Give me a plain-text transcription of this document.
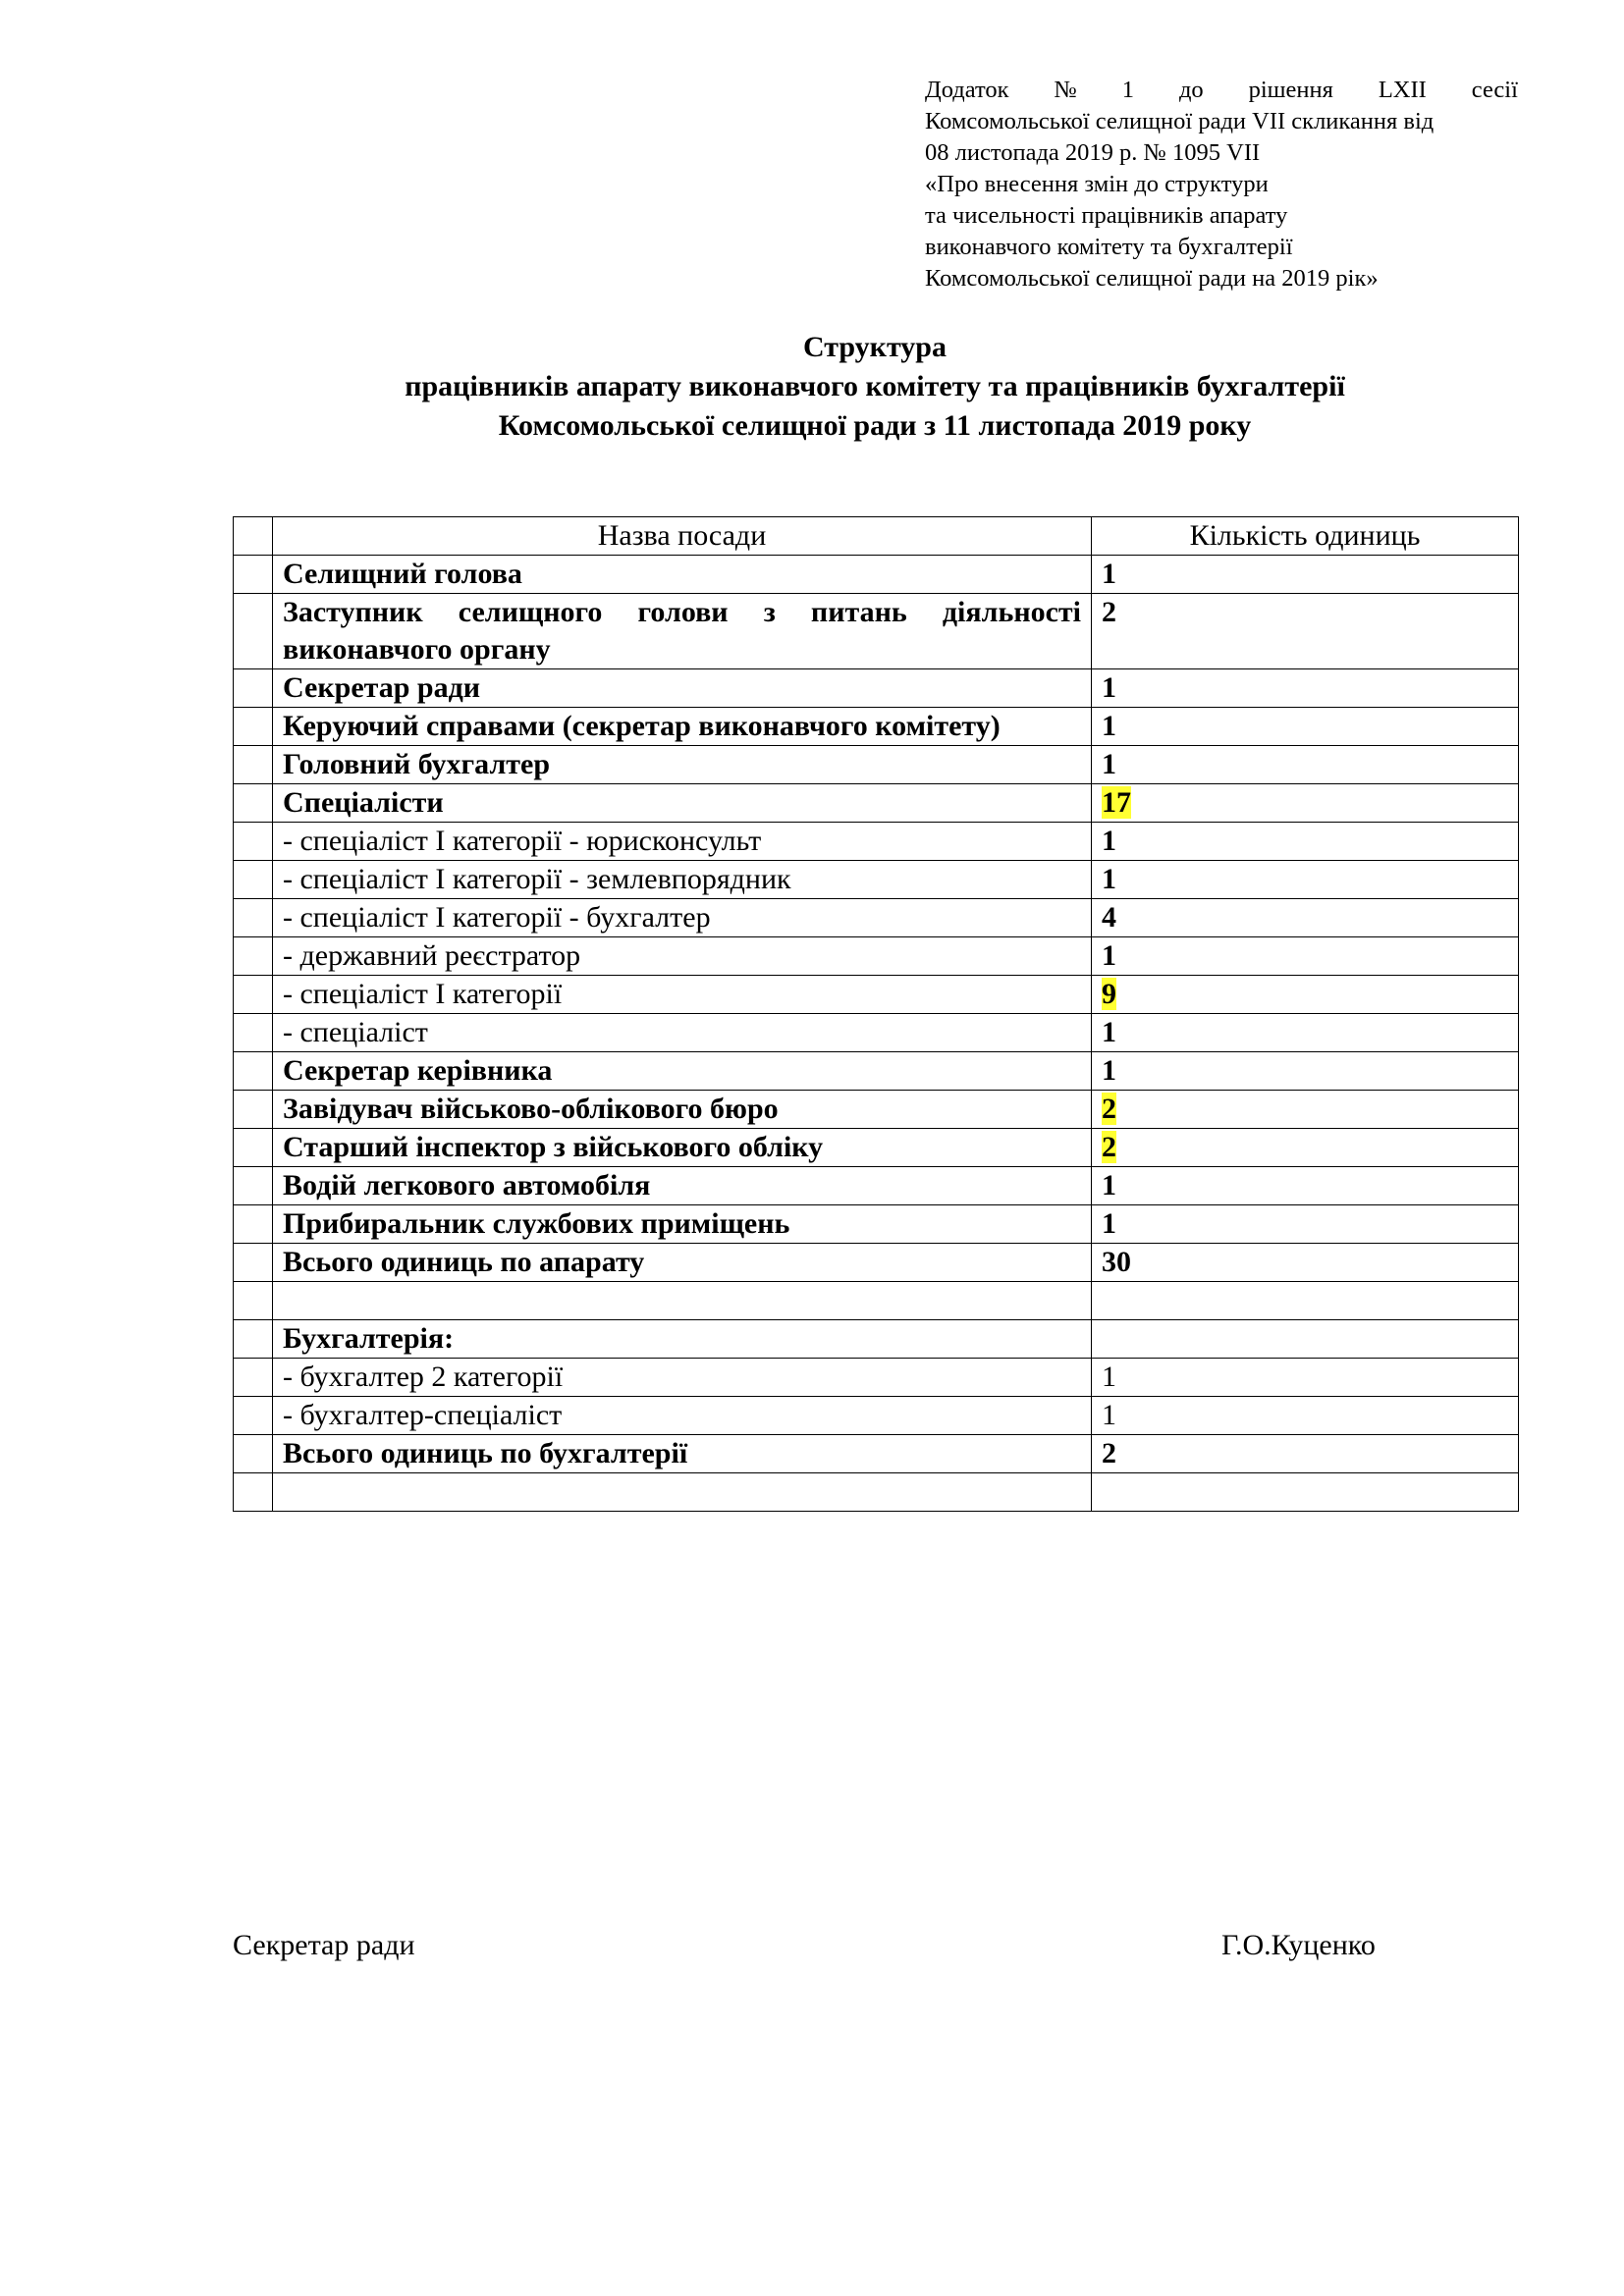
Додаток № 1 до рішення LXII сесії
Комсомольської селищної ради VII скликання від
08 листопада 2019 р. № 1095 VII
«Про внесення змін до структури
та чисельності працівників апарату
виконавчого комітету та бухгалтерії
Комсомольської селищної ради на 2019 рік»
Структура
працівників апарату виконавчого комітету та працівників бухгалтерії
Комсомольської селищної ради з 11 листопада 2019 року
	Назва посади	Кількість одиниць
	Селищний голова	1
	Заступник селищного голови з питань діяльності виконавчого органу	2
	Секретар ради	1
	Керуючий справами (секретар виконавчого комітету)	1
	Головний бухгалтер	1
	Спеціалісти	17
	- спеціаліст І категорії - юрисконсульт	1
	- спеціаліст І категорії - землевпорядник	1
	- спеціаліст І категорії - бухгалтер	4
	- державний реєстратор	1
	- спеціаліст І категорії	9
	- спеціаліст	1
	Секретар керівника	1
	Завідувач військово-облікового бюро	2
	Старший інспектор з військового обліку	2
	Водій легкового автомобіля	1
	Прибиральник службових приміщень	1
	Всього одиниць по апарату	30

	Бухгалтерія:	
	- бухгалтер 2 категорії	1
	- бухгалтер-спеціаліст	1
	Всього одиниць по бухгалтерії	2

Секретар ради	Г.О.Куценко
